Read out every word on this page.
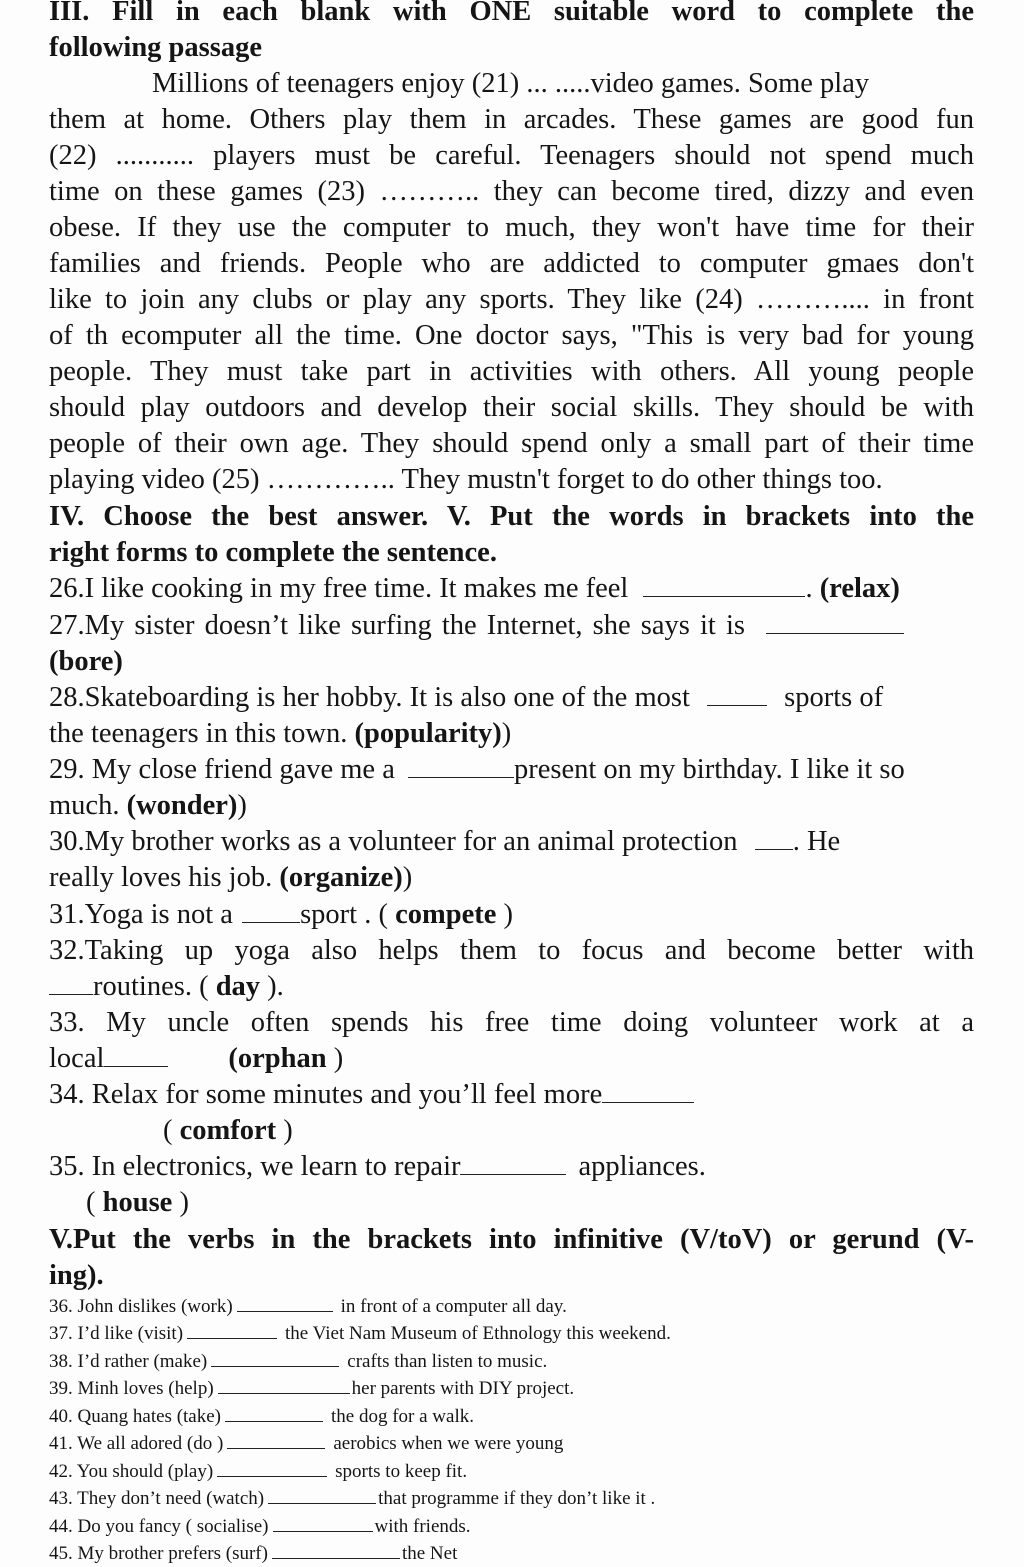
III. Fill in each blank with ONE suitable word to complete the
following passage
Millions of teenagers enjoy (21) ... .....video games. Some play
them at home. Others play them in arcades. These games are good fun
(22) ........... players must be careful. Teenagers should not spend much
time on these games (23) ……….. they can become tired, dizzy and even
obese. If they use the computer to much, they won't have time for their
families and friends. People who are addicted to computer gmaes don't
like to join any clubs or play any sports. They like (24) ……….... in front
of th ecomputer all the time. One doctor says, "This is very bad for young
people. They must take part in activities with others. All young people
should play outdoors and develop their social skills. They should be with
people of their own age. They should spend only a small part of their time
playing video (25) ………….. They mustn't forget to do other things too.
IV. Choose the best answer. V. Put the words in brackets into the
right forms to complete the sentence.
26.I like cooking in my free time. It makes me feel	. (relax)
27.My sister doesn’t like surfing the Internet, she says it is
(bore)
28.Skateboarding is her hobby. It is also one of the most	sports of
the teenagers in this town. (popularity))
29. My close friend gave me a	present on my birthday. I like it so
much. (wonder))
30.My brother works as a volunteer for an animal protection . He
really loves his job. (organize))
31.Yoga is not a sport . ( compete )
32.Taking up yoga also helps them to focus and become better with
routines. ( day ).
33. My uncle often spends his free time doing volunteer work at a
local	(orphan )
34. Relax for some minutes and you’ll feel more
( comfort )
35. In electronics, we learn to repair	appliances.
( house )
V.Put the verbs in the brackets into infinitive (V/toV) or gerund (V-
ing).
36. John dislikes (work)	in front of a computer all day.
37. I’d like (visit)	the Viet Nam Museum of Ethnology this weekend.
38. I’d rather (make)	crafts than listen to music.
39. Minh loves (help)	her parents with DIY project.
40. Quang hates (take)	the dog for a walk.
41. We all adored (do )	aerobics when we were young
42. You should (play)	sports to keep fit.
43. They don’t need (watch)	that programme if they don’t like it .
44. Do you fancy ( socialise)	with friends.
45. My brother prefers (surf)	the Net
